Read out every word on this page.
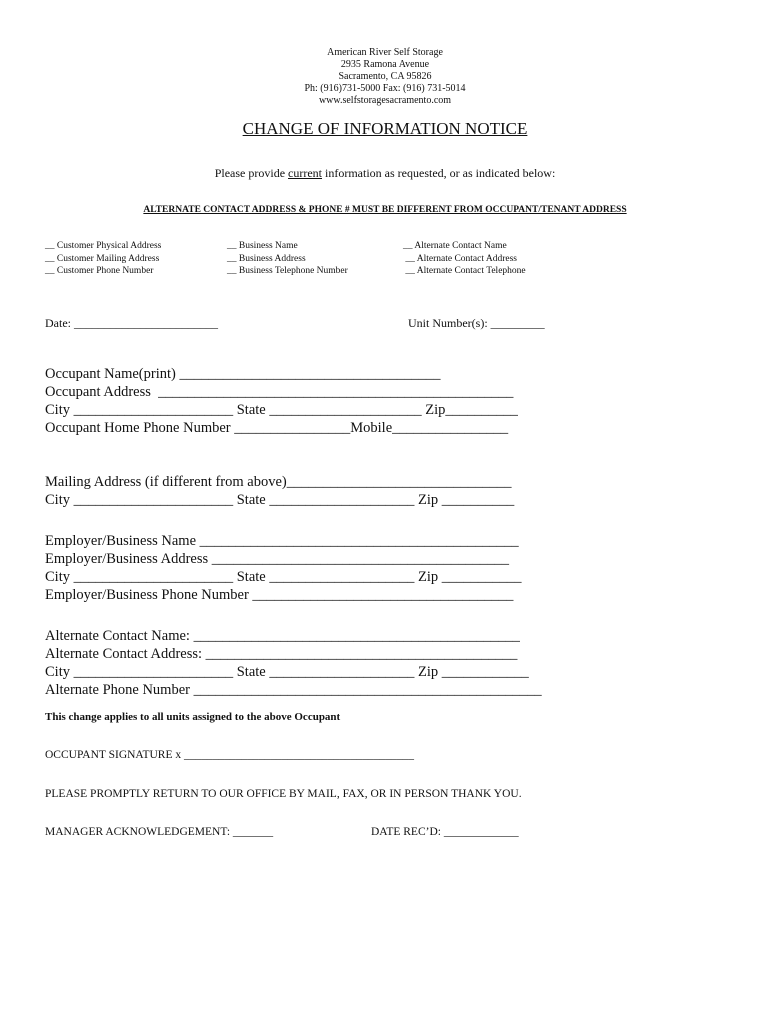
American River Self Storage
2935 Ramona Avenue
Sacramento, CA 95826
Ph: (916)731-5000 Fax: (916) 731-5014
www.selfstoragesacramento.com
CHANGE OF INFORMATION NOTICE
Please provide current information as requested, or as indicated below:
ALTERNATE CONTACT ADDRESS & PHONE # MUST BE DIFFERENT FROM OCCUPANT/TENANT ADDRESS
__ Customer Physical Address
__ Customer Mailing Address
__ Customer Phone Number
__ Business Name
__ Business Address
__ Business Telephone Number
__ Alternate Contact Name
__ Alternate Contact Address
__ Alternate Contact Telephone
Date: ________________________	Unit Number(s): _________
Occupant Name(print) ____________________________________
Occupant Address  _________________________________________________
City ______________________ State _____________________ Zip__________
Occupant Home Phone Number ________________Mobile________________
Mailing Address (if different from above)_______________________________
City ______________________ State ____________________ Zip __________
Employer/Business Name ____________________________________________
Employer/Business Address _________________________________________
City ______________________ State ____________________ Zip ___________
Employer/Business Phone Number ____________________________________
Alternate Contact Name: _____________________________________________
Alternate Contact Address: ___________________________________________
City ______________________ State ____________________ Zip ____________
Alternate Phone Number ________________________________________________
This change applies to all units assigned to the above Occupant
OCCUPANT SIGNATURE x ________________________________________
PLEASE PROMPTLY RETURN TO OUR OFFICE BY MAIL, FAX, OR IN PERSON THANK YOU.
MANAGER ACKNOWLEDGEMENT: _______	DATE REC’D: _____________
